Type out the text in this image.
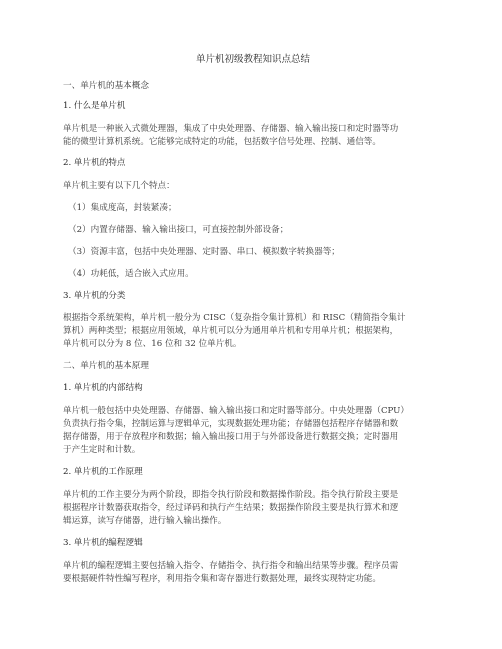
单片机初级教程知识点总结
一、单片机的基本概念
1. 什么是单片机
单片机是一种嵌入式微处理器，集成了中央处理器、存储器、输入输出接口和定时器等功
能的微型计算机系统。它能够完成特定的功能，包括数字信号处理、控制、通信等。
2. 单片机的特点
单片机主要有以下几个特点：
（1）集成度高，封装紧凑；
（2）内置存储器、输入输出接口，可直接控制外部设备；
（3）资源丰富，包括中央处理器、定时器、串口、模拟数字转换器等；
（4）功耗低，适合嵌入式应用。
3. 单片机的分类
根据指令系统架构，单片机一般分为 CISC（复杂指令集计算机）和 RISC（精简指令集计
算机）两种类型；根据应用领域，单片机可以分为通用单片机和专用单片机；根据架构，
单片机可以分为 8 位、16 位和 32 位单片机。
二、单片机的基本原理
1. 单片机的内部结构
单片机一般包括中央处理器、存储器、输入输出接口和定时器等部分。中央处理器（CPU）
负责执行指令集，控制运算与逻辑单元，实现数据处理功能；存储器包括程序存储器和数
据存储器，用于存放程序和数据；输入输出接口用于与外部设备进行数据交换；定时器用
于产生定时和计数。
2. 单片机的工作原理
单片机的工作主要分为两个阶段，即指令执行阶段和数据操作阶段。指令执行阶段主要是
根据程序计数器获取指令，经过译码和执行产生结果；数据操作阶段主要是执行算术和逻
辑运算，读写存储器，进行输入输出操作。
3. 单片机的编程逻辑
单片机的编程逻辑主要包括输入指令、存储指令、执行指令和输出结果等步骤。程序员需
要根据硬件特性编写程序，利用指令集和寄存器进行数据处理，最终实现特定功能。
